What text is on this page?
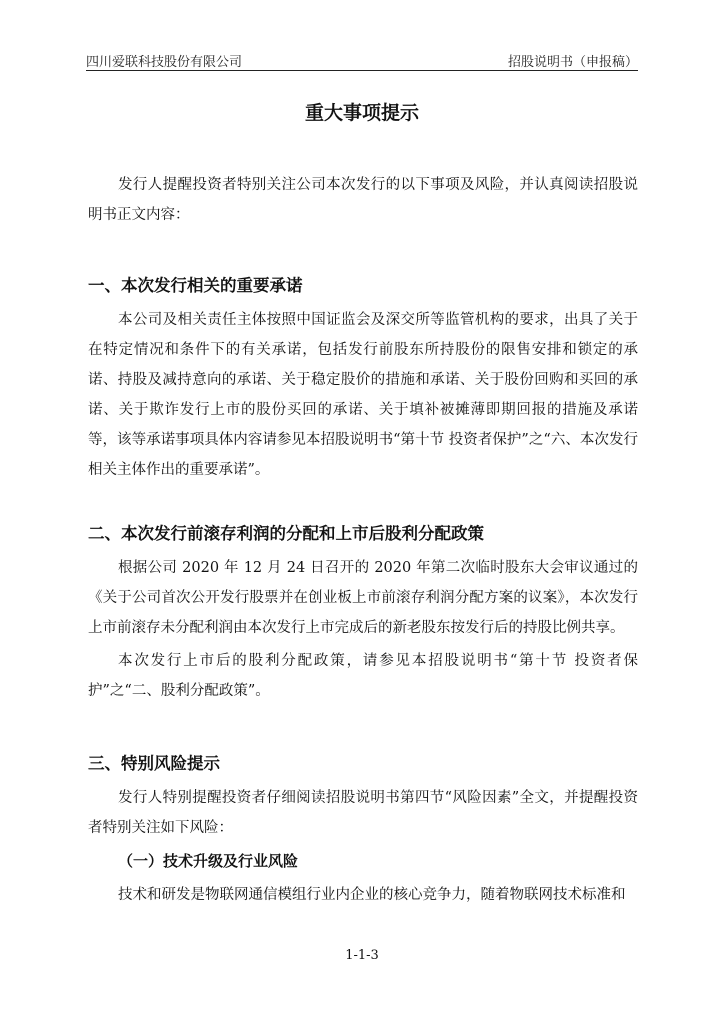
四川爱联科技股份有限公司	招股说明书（申报稿）
重大事项提示

发行人提醒投资者特别关注公司本次发行的以下事项及风险，并认真阅读招股说明书正文内容：

一、本次发行相关的重要承诺

本公司及相关责任主体按照中国证监会及深交所等监管机构的要求，出具了关于在特定情况和条件下的有关承诺，包括发行前股东所持股份的限售安排和锁定的承诺、持股及减持意向的承诺、关于稳定股价的措施和承诺、关于股份回购和买回的承诺、关于欺诈发行上市的股份买回的承诺、关于填补被摊薄即期回报的措施及承诺等，该等承诺事项具体内容请参见本招股说明书“第十节 投资者保护”之“六、本次发行相关主体作出的重要承诺”。

二、本次发行前滚存利润的分配和上市后股利分配政策

根据公司 2020 年 12 月 24 日召开的 2020 年第二次临时股东大会审议通过的《关于公司首次公开发行股票并在创业板上市前滚存利润分配方案的议案》，本次发行上市前滚存未分配利润由本次发行上市完成后的新老股东按发行后的持股比例共享。

本次发行上市后的股利分配政策，请参见本招股说明书“第十节 投资者保护”之“二、股利分配政策”。

三、特别风险提示

发行人特别提醒投资者仔细阅读招股说明书第四节“风险因素”全文，并提醒投资者特别关注如下风险：

（一）技术升级及行业风险

技术和研发是物联网通信模组行业内企业的核心竞争力，随着物联网技术标准和

1-1-3
